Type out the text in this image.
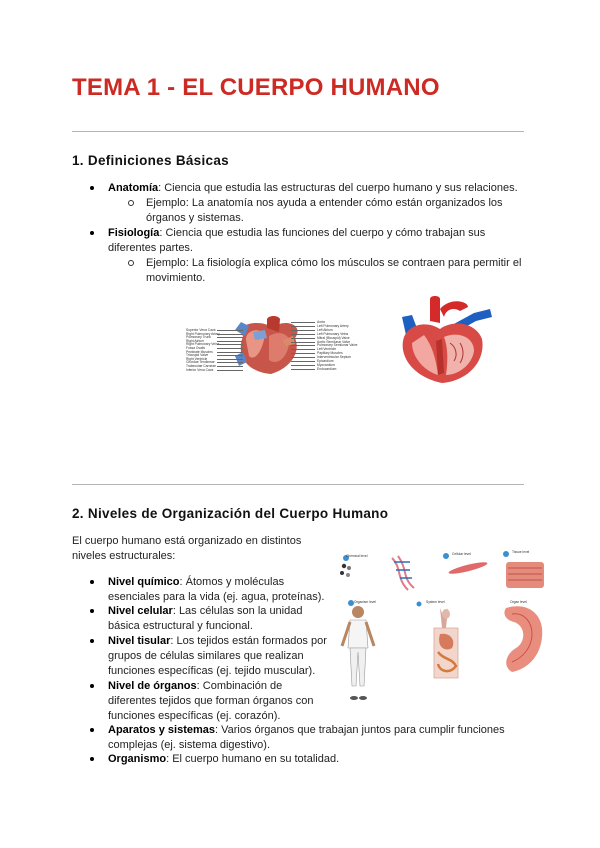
TEMA 1 - EL CUERPO HUMANO
1. Definiciones Básicas
Anatomía: Ciencia que estudia las estructuras del cuerpo humano y sus relaciones.
Ejemplo: La anatomía nos ayuda a entender cómo están organizados los órganos y sistemas.
Fisiología: Ciencia que estudia las funciones del cuerpo y cómo trabajan sus diferentes partes.
Ejemplo: La fisiología explica cómo los músculos se contraen para permitir el movimiento.
Superior Vena Cava
Right Pulmonary Artery
Pulmonary Trunk
Right Atrium
Right Pulmonary Veins
Fossa Ovalis
Pectinate Muscles
Tricuspid Valve
Right Ventricle
Chordae Tendineae
Trabeculae Carneae
Inferior Vena Cava
Aorta
Left Pulmonary Artery
Left Atrium
Left Pulmonary Veins
Mitral (Bicuspid) Valve
Aortic Semilunar Valve
Pulmonary Semilunar Valve
Left Ventricle
Papillary Muscles
Interventricular Septum
Epicardium
Myocardium
Endocardium
2. Niveles de Organización del Cuerpo Humano
El cuerpo humano está organizado en distintos niveles estructurales:
Nivel químico: Átomos y moléculas esenciales para la vida (ej. agua, proteínas).
Nivel celular: Las células son la unidad básica estructural y funcional.
Nivel tisular: Los tejidos están formados por grupos de células similares que realizan funciones específicas (ej. tejido muscular).
Nivel de órganos: Combinación de diferentes tejidos que forman órganos con funciones específicas (ej. corazón).
Aparatos y sistemas: Varios órganos que trabajan juntos para cumplir funciones complejas (ej. sistema digestivo).
Organismo: El cuerpo humano en su totalidad.
Chemical level	Cellular level	Tissue level
System level
Organism level	Organ level
